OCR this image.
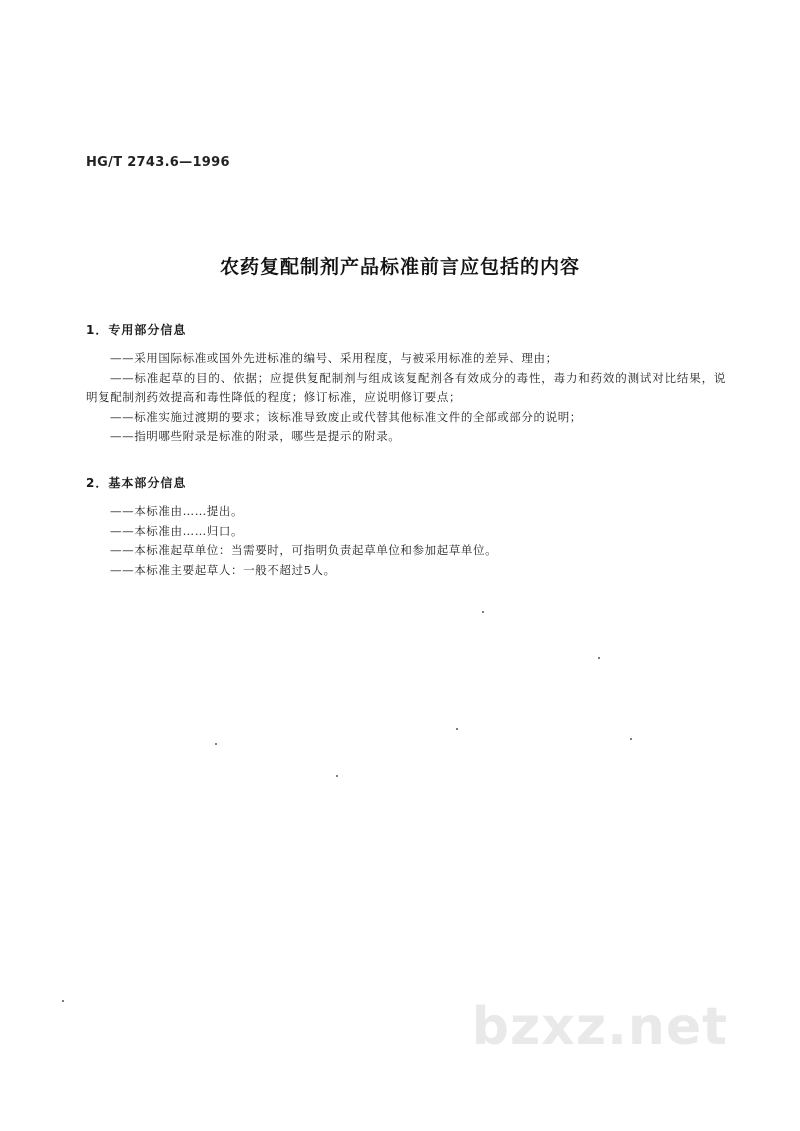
HG/T 2743.6—1996
农药复配制剂产品标准前言应包括的内容
1．专用部分信息
——采用国际标准或国外先进标准的编号、采用程度，与被采用标准的差异、理由；
——标准起草的目的、依据；应提供复配制剂与组成该复配剂各有效成分的毒性，毒力和药效的测试对比结果，说明复配制剂药效提高和毒性降低的程度；修订标准，应说明修订要点；
——标准实施过渡期的要求；该标准导致废止或代替其他标准文件的全部或部分的说明；
——指明哪些附录是标准的附录，哪些是提示的附录。
2．基本部分信息
——本标准由……提出。
——本标准由……归口。
——本标准起草单位：当需要时，可指明负责起草单位和参加起草单位。
——本标准主要起草人：一般不超过5人。
bzxz.net
